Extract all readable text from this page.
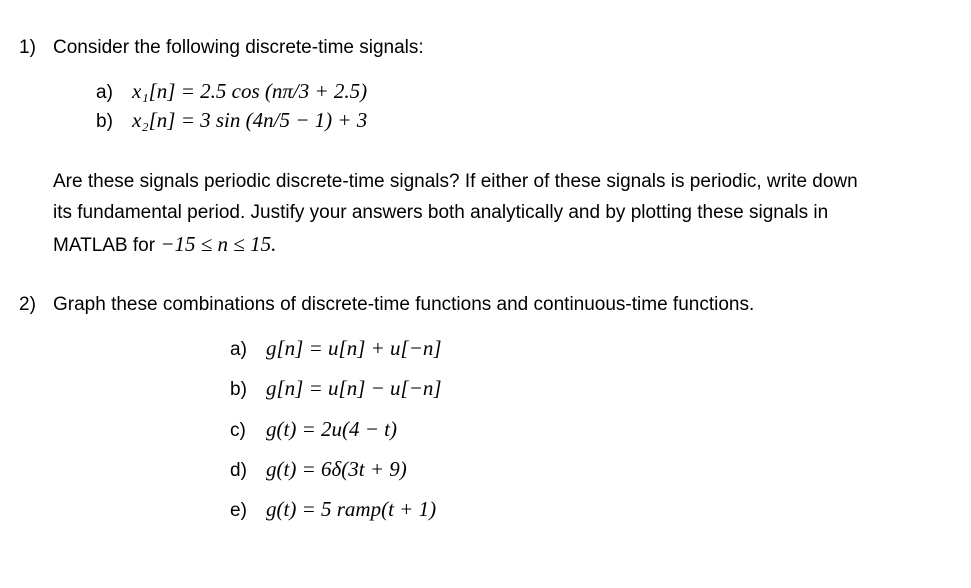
1) Consider the following discrete-time signals:
a) x₁[n] = 2.5 cos (nπ/3 + 2.5)
b) x₂[n] = 3 sin (4n/5 − 1) + 3
Are these signals periodic discrete-time signals? If either of these signals is periodic, write down
its fundamental period. Justify your answers both analytically and by plotting these signals in
MATLAB for −15 ≤ n ≤ 15.
2) Graph these combinations of discrete-time functions and continuous-time functions.
a) g[n] = u[n] + u[−n]
b) g[n] = u[n] − u[−n]
c) g(t) = 2u(4 − t)
d) g(t) = 6δ(3t + 9)
e) g(t) = 5 ramp(t + 1)
